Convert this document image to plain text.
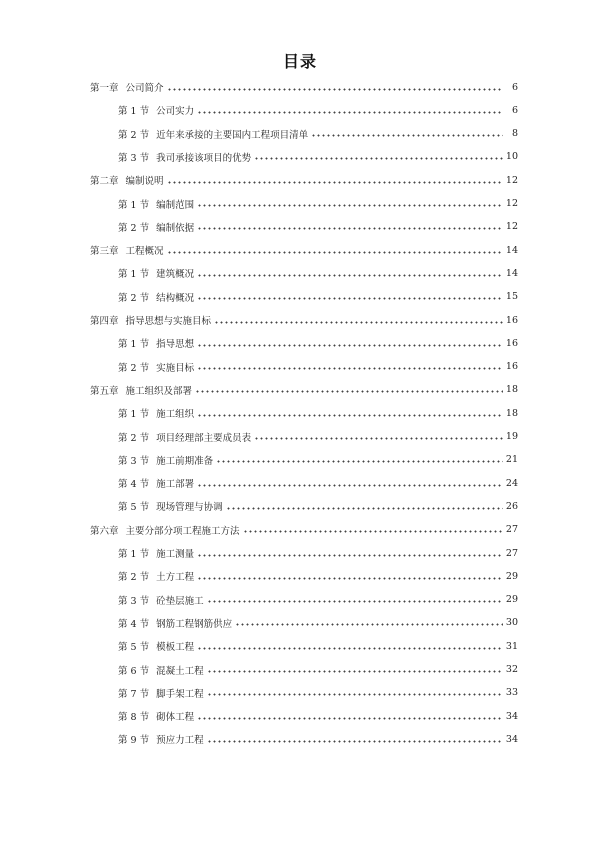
目录
第一章 公司简介	6
第 1 节 公司实力	6
第 2 节 近年来承接的主要国内工程项目清单	8
第 3 节 我司承接该项目的优势	10
第二章 编制说明	12
第 1 节 编制范围	12
第 2 节 编制依据	12
第三章 工程概况	14
第 1 节 建筑概况	14
第 2 节 结构概况	15
第四章 指导思想与实施目标	16
第 1 节 指导思想	16
第 2 节 实施目标	16
第五章 施工组织及部署	18
第 1 节 施工组织	18
第 2 节 项目经理部主要成员表	19
第 3 节 施工前期准备	21
第 4 节 施工部署	24
第 5 节 现场管理与协调	26
第六章 主要分部分项工程施工方法	27
第 1 节 施工测量	27
第 2 节 土方工程	29
第 3 节 砼垫层施工	29
第 4 节 钢筋工程钢筋供应	30
第 5 节 模板工程	31
第 6 节 混凝土工程	32
第 7 节 脚手架工程	33
第 8 节 砌体工程	34
第 9 节 预应力工程	34
